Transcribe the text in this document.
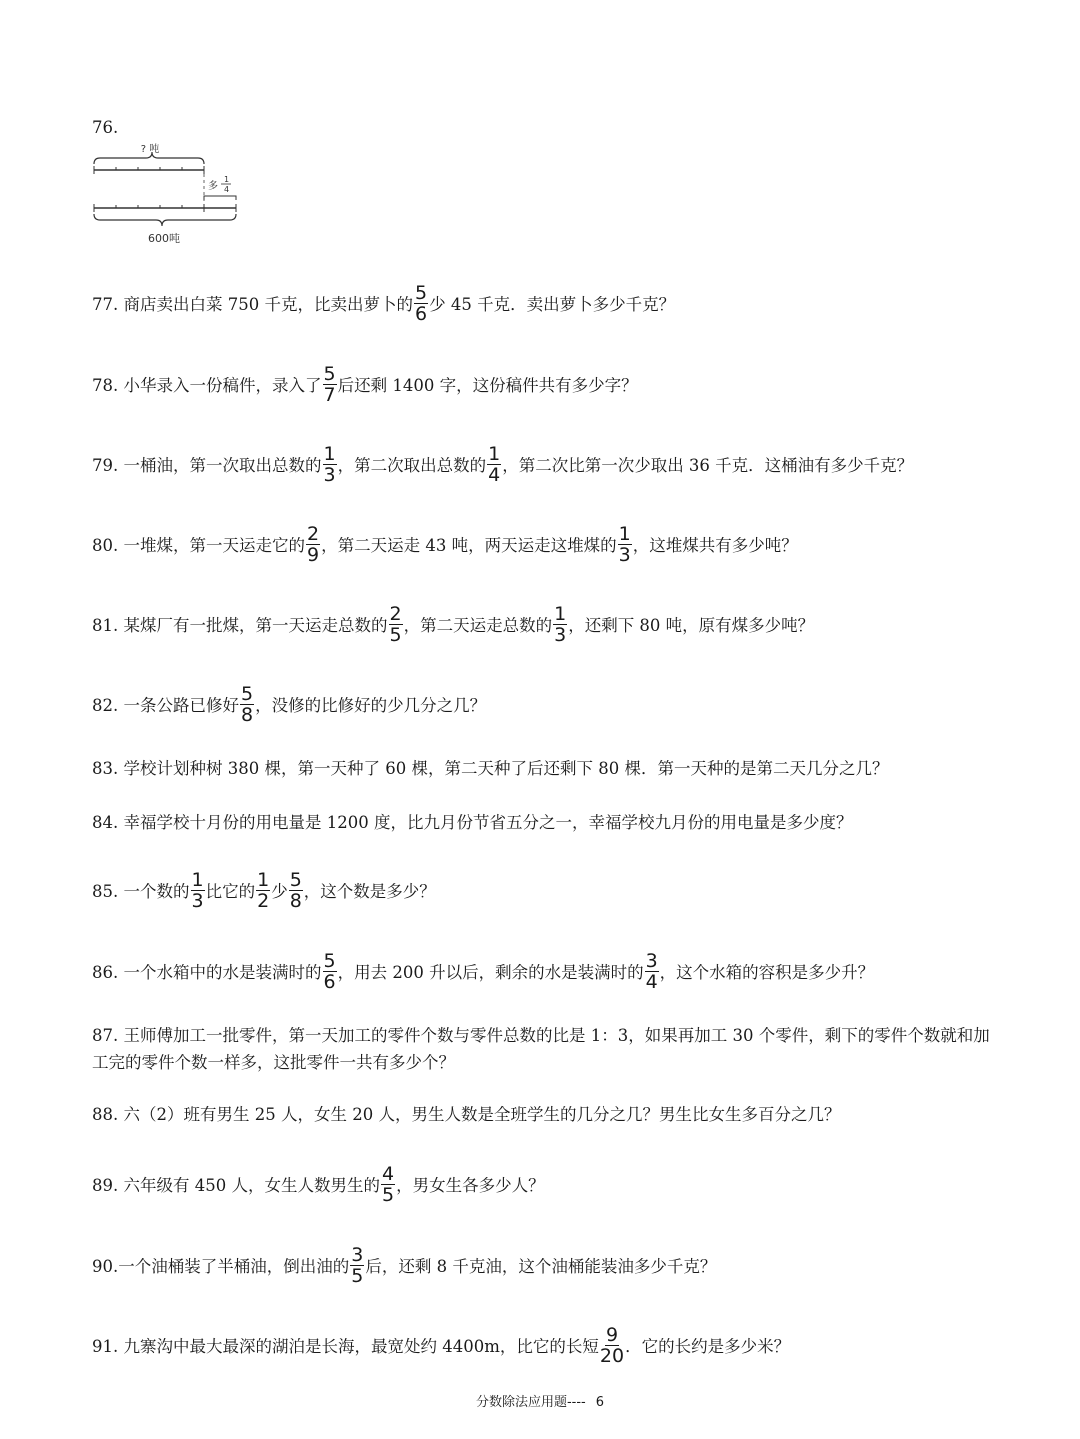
76.
? 吨
多
1
4
600吨
77. 商店卖出白菜 750 千克，比卖出萝卜的 $\frac{5}{6}$ 少 45 千克．卖出萝卜多少千克？
78. 小华录入一份稿件，录入了 $\frac{5}{7}$ 后还剩 1400 字，这份稿件共有多少字？
79. 一桶油，第一次取出总数的 $\frac{1}{3}$ ，第二次取出总数的 $\frac{1}{4}$ ，第二次比第一次少取出 36 千克．这桶油有多少千克？
80. 一堆煤，第一天运走它的 $\frac{2}{9}$ ，第二天运走 43 吨，两天运走这堆煤的 $\frac{1}{3}$ ，这堆煤共有多少吨？
81. 某煤厂有一批煤，第一天运走总数的 $\frac{2}{5}$ ，第二天运走总数的 $\frac{1}{3}$ ，还剩下 80 吨，原有煤多少吨？
82. 一条公路已修好 $\frac{5}{8}$ ，没修的比修好的少几分之几？
83. 学校计划种树 380 棵，第一天种了 60 棵，第二天种了后还剩下 80 棵．第一天种的是第二天几分之几？
84. 幸福学校十月份的用电量是 1200 度，比九月份节省五分之一，幸福学校九月份的用电量是多少度？
85. 一个数的 $\frac{1}{3}$ 比它的 $\frac{1}{2}$ 少 $\frac{5}{8}$ ，这个数是多少？
86. 一个水箱中的水是装满时的 $\frac{5}{6}$ ，用去 200 升以后，剩余的水是装满时的 $\frac{3}{4}$ ，这个水箱的容积是多少升？
87. 王师傅加工一批零件，第一天加工的零件个数与零件总数的比是 1：3，如果再加工 30 个零件，剩下的零件个数就和加工完的零件个数一样多，这批零件一共有多少个？
88. 六（2）班有男生 25 人，女生 20 人，男生人数是全班学生的几分之几？男生比女生多百分之几？
89. 六年级有 450 人，女生人数男生的 $\frac{4}{5}$ ，男女生各多少人？
90.一个油桶装了半桶油，倒出油的 $\frac{3}{5}$ 后，还剩 8 千克油，这个油桶能装油多少千克？
91. 九寨沟中最大最深的湖泊是长海，最宽处约 4400m，比它的长短 $\frac{9}{20}$ ．它的长约是多少米？
分数除法应用题---- 6
